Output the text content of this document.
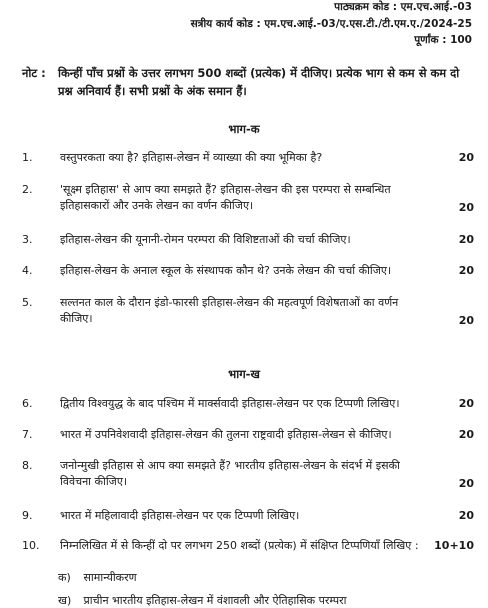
पाठ्यक्रम कोड : एम.एच.आई.-03
सत्रीय कार्य कोड : एम.एच.आई.-03/ए.एस.टी./टी.एम.ए./2024-25
पूर्णांक : 100
नोट :	किन्हीं पाँच प्रश्नों के उत्तर लगभग 500 शब्दों (प्रत्येक) में दीजिए। प्रत्येक भाग से कम से कम दो प्रश्न अनिवार्य हैं। सभी प्रश्नों के अंक समान हैं।
भाग-क
1.	वस्तुपरकता क्या है? इतिहास-लेखन में व्याख्या की क्या भूमिका है?	20
2.	'सूक्ष्म इतिहास' से आप क्या समझते हैं? इतिहास-लेखन की इस परम्परा से सम्बन्धित इतिहासकारों और उनके लेखन का वर्णन कीजिए।	20
3.	इतिहास-लेखन की यूनानी-रोमन परम्परा की विशिष्टताओं की चर्चा कीजिए।	20
4.	इतिहास-लेखन के अनाल स्कूल के संस्थापक कौन थे? उनके लेखन की चर्चा कीजिए।	20
5.	सल्तनत काल के दौरान इंडो-फारसी इतिहास-लेखन की महत्वपूर्ण विशेषताओं का वर्णन कीजिए।	20
भाग-ख
6.	द्वितीय विश्वयुद्ध के बाद पश्चिम में मार्क्सवादी इतिहास-लेखन पर एक टिप्पणी लिखिए।	20
7.	भारत में उपनिवेशवादी इतिहास-लेखन की तुलना राष्ट्रवादी इतिहास-लेखन से कीजिए।	20
8.	जनोन्मुखी इतिहास से आप क्या समझते हैं? भारतीय इतिहास-लेखन के संदर्भ में इसकी विवेचना कीजिए।	20
9.	भारत में महिलावादी इतिहास-लेखन पर एक टिप्पणी लिखिए।	20
10.	निम्नलिखित में से किन्हीं दो पर लगभग 250 शब्दों (प्रत्येक) में संक्षिप्त टिप्पणियाँ लिखिए :	10+10
क) सामान्यीकरण
ख) प्राचीन भारतीय इतिहास-लेखन में वंशावली और ऐतिहासिक परम्परा
